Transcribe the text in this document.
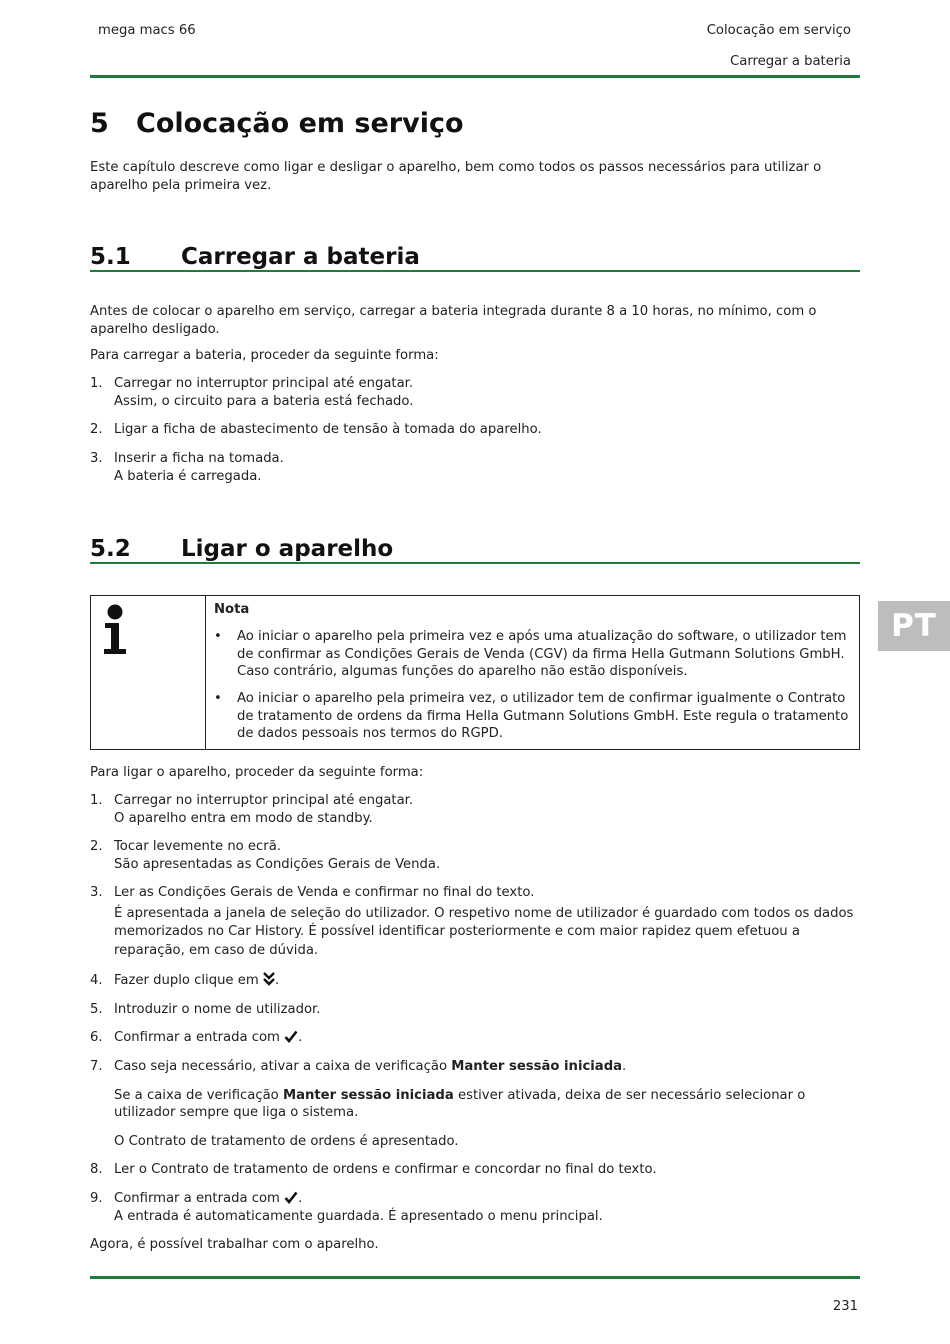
mega macs 66	Colocação em serviço
Carregar a bateria
5 Colocação em serviço
Este capítulo descreve como ligar e desligar o aparelho, bem como todos os passos necessários para utilizar o aparelho pela primeira vez.
5.1 Carregar a bateria
Antes de colocar o aparelho em serviço, carregar a bateria integrada durante 8 a 10 horas, no mínimo, com o aparelho desligado.
Para carregar a bateria, proceder da seguinte forma:
1. Carregar no interruptor principal até engatar.
Assim, o circuito para a bateria está fechado.
2. Ligar a ficha de abastecimento de tensão à tomada do aparelho.
3. Inserir a ficha na tomada.
A bateria é carregada.
5.2 Ligar o aparelho
Nota
• Ao iniciar o aparelho pela primeira vez e após uma atualização do software, o utilizador tem de confirmar as Condições Gerais de Venda (CGV) da firma Hella Gutmann Solutions GmbH. Caso contrário, algumas funções do aparelho não estão disponíveis.
• Ao iniciar o aparelho pela primeira vez, o utilizador tem de confirmar igualmente o Contrato de tratamento de ordens da firma Hella Gutmann Solutions GmbH. Este regula o tratamento de dados pessoais nos termos do RGPD.
Para ligar o aparelho, proceder da seguinte forma:
1. Carregar no interruptor principal até engatar.
O aparelho entra em modo de standby.
2. Tocar levemente no ecrã.
São apresentadas as Condições Gerais de Venda.
3. Ler as Condições Gerais de Venda e confirmar no final do texto.
É apresentada a janela de seleção do utilizador. O respetivo nome de utilizador é guardado com todos os dados memorizados no Car History. É possível identificar posteriormente e com maior rapidez quem efetuou a reparação, em caso de dúvida.
4. Fazer duplo clique em .
5. Introduzir o nome de utilizador.
6. Confirmar a entrada com .
7. Caso seja necessário, ativar a caixa de verificação Manter sessão iniciada.
Se a caixa de verificação Manter sessão iniciada estiver ativada, deixa de ser necessário selecionar o utilizador sempre que liga o sistema.
O Contrato de tratamento de ordens é apresentado.
8. Ler o Contrato de tratamento de ordens e confirmar e concordar no final do texto.
9. Confirmar a entrada com .
A entrada é automaticamente guardada. É apresentado o menu principal.
Agora, é possível trabalhar com o aparelho.
PT
231
